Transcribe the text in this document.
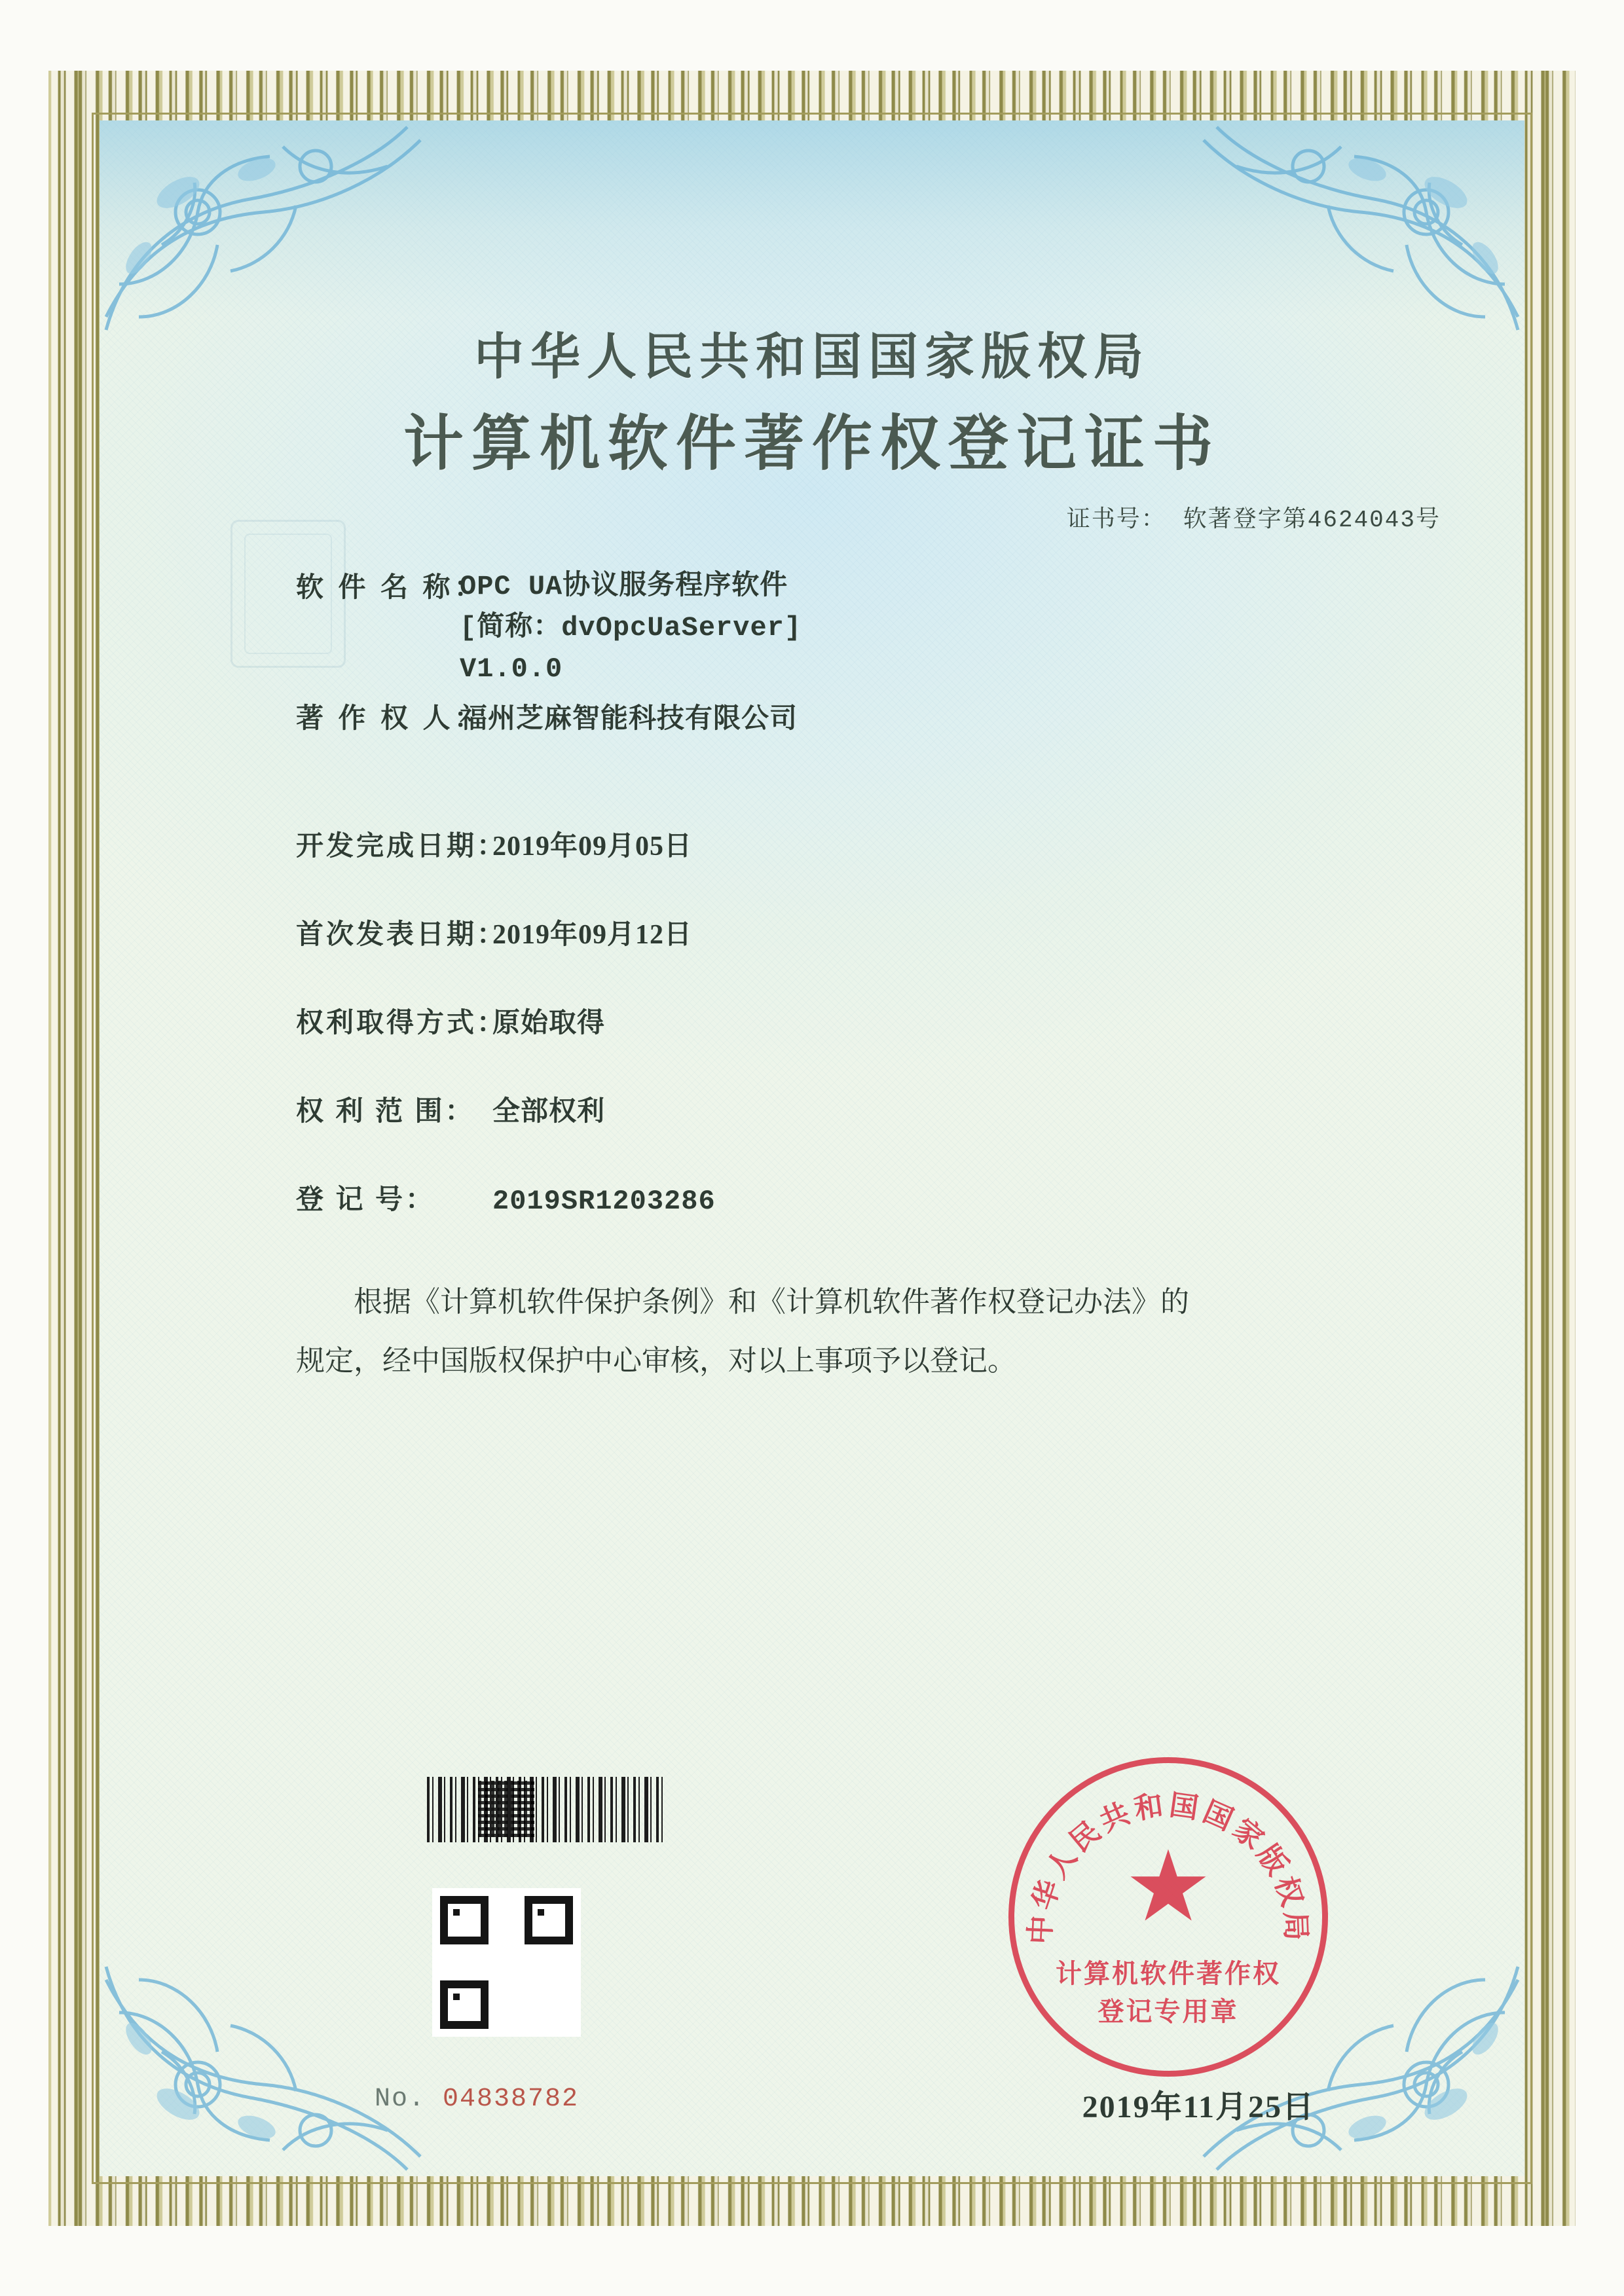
中华人民共和国国家版权局
计算机软件著作权登记证书
证书号： 软著登字第4624043号
软 件 名 称：OPC UA协议服务程序软件
[简称：dvOpcUaServer]
V1.0.0
著 作 权 人：福州芝麻智能科技有限公司
开发完成日期：2019年09月05日
首次发表日期：2019年09月12日
权利取得方式：原始取得
权 利 范 围： 全部权利
登 记 号： 2019SR1203286
根据《计算机软件保护条例》和《计算机软件著作权登记办法》的
规定，经中国版权保护中心审核，对以上事项予以登记。
中华人民共和国国家版权局
★
计算机软件著作权
登记专用章
No. 04838782	2019年11月25日
